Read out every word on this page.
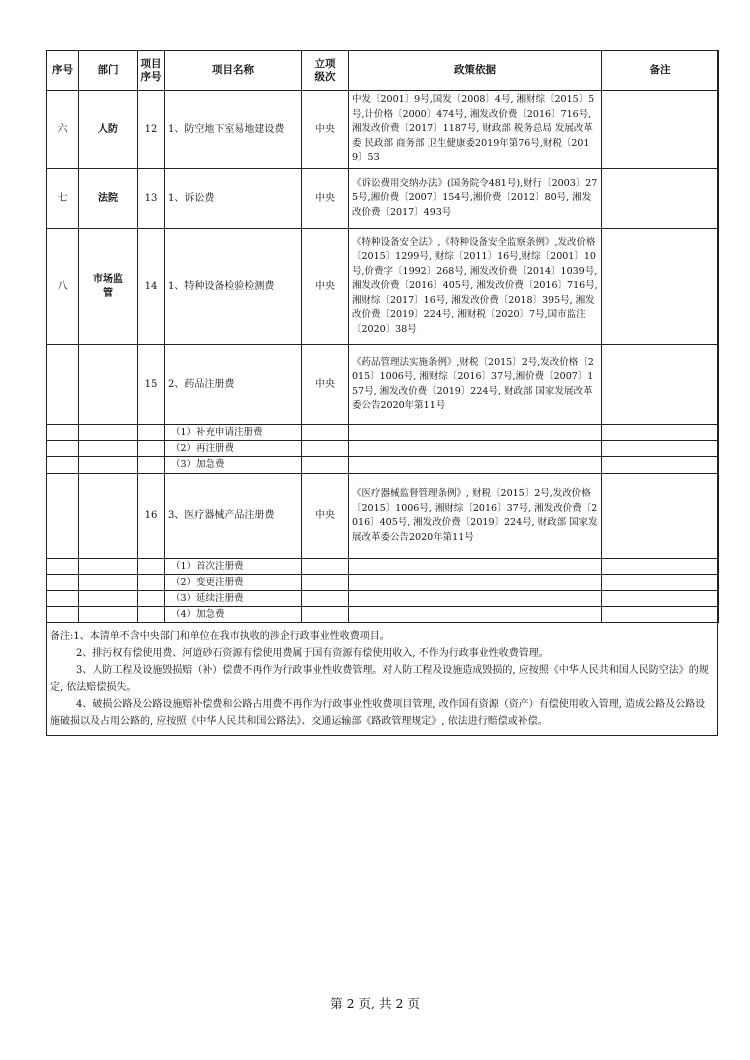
序号	部门	项目序号	项目名称	立项级次	政策依据	备注
六	人防	12	1、防空地下室易地建设费	中央	中发〔2001〕9号,国发〔2008〕4号, 湘财综〔2015〕5号,计价格〔2000〕474号, 湘发改价费〔2016〕716号,湘发改价费〔2017〕1187号, 财政部 税务总局 发展改革委 民政部 商务部 卫生健康委2019年第76号,财税〔2019〕53	
七	法院	13	1、诉讼费	中央	《诉讼费用交纳办法》(国务院令481号),财行〔2003〕275号,湘价费〔2007〕154号,湘价费〔2012〕80号, 湘发改价费〔2017〕493号	
八	市场监管	14	1、特种设备检验检测费	中央	《特种设备安全法》,《特种设备安全监察条例》,发改价格〔2015〕1299号, 财综〔2011〕16号,财综〔2001〕10号,价费字〔1992〕268号, 湘发改价费〔2014〕1039号, 湘发改价费〔2016〕405号, 湘发改价费〔2016〕716号, 湘财综〔2017〕16号, 湘发改价费〔2018〕395号, 湘发改价费〔2019〕224号, 湘财税〔2020〕7号,国市监注〔2020〕38号	
		15	2、药品注册费	中央	《药品管理法实施条例》,财税〔2015〕2号,发改价格〔2015〕1006号, 湘财综〔2016〕37号,湘价费〔2007〕157号, 湘发改价费〔2019〕224号, 财政部 国家发展改革委公告2020年第11号	
			（1）补充申请注册费			
			（2）再注册费			
			（3）加急费			
		16	3、医疗器械产品注册费	中央	《医疗器械监督管理条例》, 财税〔2015〕2号,发改价格〔2015〕1006号, 湘财综〔2016〕37号, 湘发改价费〔2016〕405号, 湘发改价费〔2019〕224号, 财政部 国家发展改革委公告2020年第11号	
			（1）首次注册费			
			（2）变更注册费			
			（3）延续注册费			
			（4）加急费			

备注:1、本清单不含中央部门和单位在我市执收的涉企行政事业性收费项目。

2、排污权有偿使用费、河道砂石资源有偿使用费属于国有资源有偿使用收入, 不作为行政事业性收费管理。

3、人防工程及设施毁损赔（补）偿费不再作为行政事业性收费管理。对人防工程及设施造成毁损的, 应按照《中华人民共和国人民防空法》的规定, 依法赔偿损失。

4、破损公路及公路设施赔补偿费和公路占用费不再作为行政事业性收费项目管理, 改作国有资源（资产）有偿使用收入管理, 造成公路及公路设施破损以及占用公路的, 应按照《中华人民共和国公路法》、交通运输部《路政管理规定》, 依法进行赔偿或补偿。

第 2 页, 共 2 页
